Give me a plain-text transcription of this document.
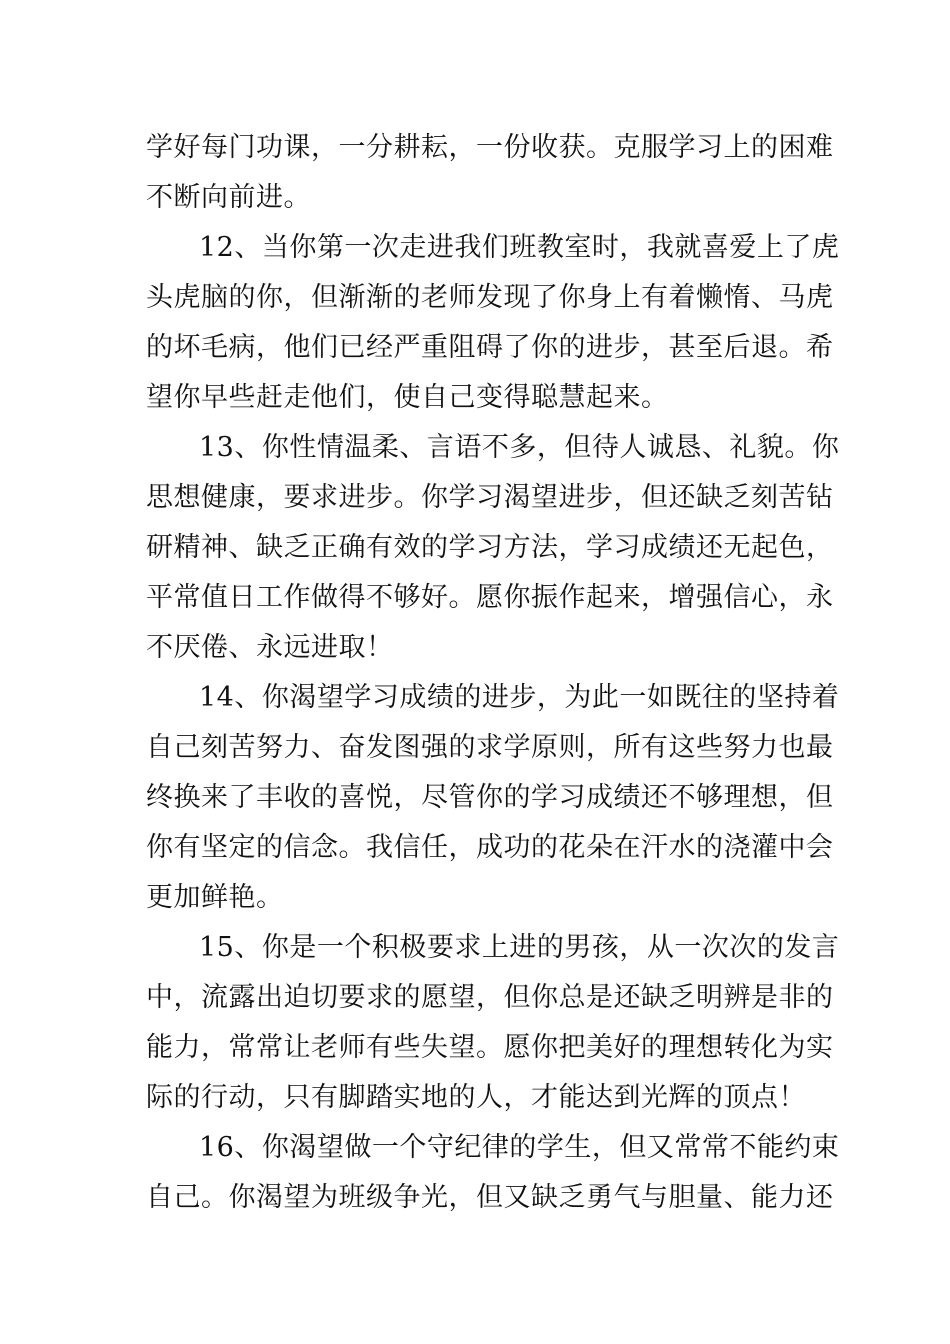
学好每门功课，一分耕耘，一份收获。克服学习上的困难
不断向前进。
12、当你第一次走进我们班教室时，我就喜爱上了虎
头虎脑的你，但渐渐的老师发现了你身上有着懒惰、马虎
的坏毛病，他们已经严重阻碍了你的进步，甚至后退。希
望你早些赶走他们，使自己变得聪慧起来。
13、你性情温柔、言语不多，但待人诚恳、礼貌。你
思想健康，要求进步。你学习渴望进步，但还缺乏刻苦钻
研精神、缺乏正确有效的学习方法，学习成绩还无起色，
平常值日工作做得不够好。愿你振作起来，增强信心，永
不厌倦、永远进取！
14、你渴望学习成绩的进步，为此一如既往的坚持着
自己刻苦努力、奋发图强的求学原则，所有这些努力也最
终换来了丰收的喜悦，尽管你的学习成绩还不够理想，但
你有坚定的信念。我信任，成功的花朵在汗水的浇灌中会
更加鲜艳。
15、你是一个积极要求上进的男孩，从一次次的发言
中，流露出迫切要求的愿望，但你总是还缺乏明辨是非的
能力，常常让老师有些失望。愿你把美好的理想转化为实
际的行动，只有脚踏实地的人，才能达到光辉的顶点！
16、你渴望做一个守纪律的学生，但又常常不能约束
自己。你渴望为班级争光，但又缺乏勇气与胆量、能力还
